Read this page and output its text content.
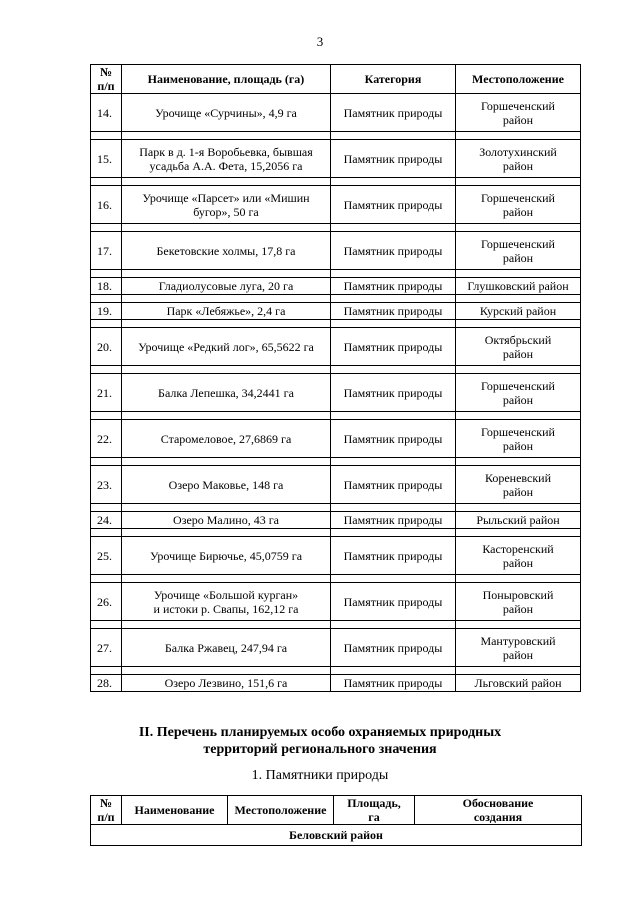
3
№
п/п	Наименование, площадь (га)	Категория	Местоположение
14.	Урочище «Сурчины», 4,9 га	Памятник природы	Горшеченский
район

15.	Парк в д. 1-я Воробьевка, бывшая
усадьба А.А. Фета, 15,2056 га	Памятник природы	Золотухинский
район

16.	Урочище «Парсет» или «Мишин
бугор», 50 га	Памятник природы	Горшеченский
район

17.	Бекетовские холмы, 17,8 га	Памятник природы	Горшеченский
район

18.	Гладиолусовые луга, 20 га	Памятник природы	Глушковский район

19.	Парк «Лебяжье», 2,4 га	Памятник природы	Курский район

20.	Урочище «Редкий лог», 65,5622 га	Памятник природы	Октябрьский
район

21.	Балка Лепешка, 34,2441 га	Памятник природы	Горшеченский
район

22.	Старомеловое, 27,6869 га	Памятник природы	Горшеченский
район

23.	Озеро Маковье, 148 га	Памятник природы	Кореневский
район

24.	Озеро Малино, 43 га	Памятник природы	Рыльский район

25.	Урочище Бирючье, 45,0759 га	Памятник природы	Касторенский
район

26.	Урочище «Большой курган»
и истоки р. Свапы, 162,12 га	Памятник природы	Поныровский
район

27.	Балка Ржавец, 247,94 га	Памятник природы	Мантуровский
район

28.	Озеро Лезвино, 151,6 га	Памятник природы	Льговский район
II. Перечень планируемых особо охраняемых природных
территорий регионального значения
1. Памятники природы
№
п/п	Наименование	Местоположение	Площадь,
га	Обоснование
создания
Беловский район
